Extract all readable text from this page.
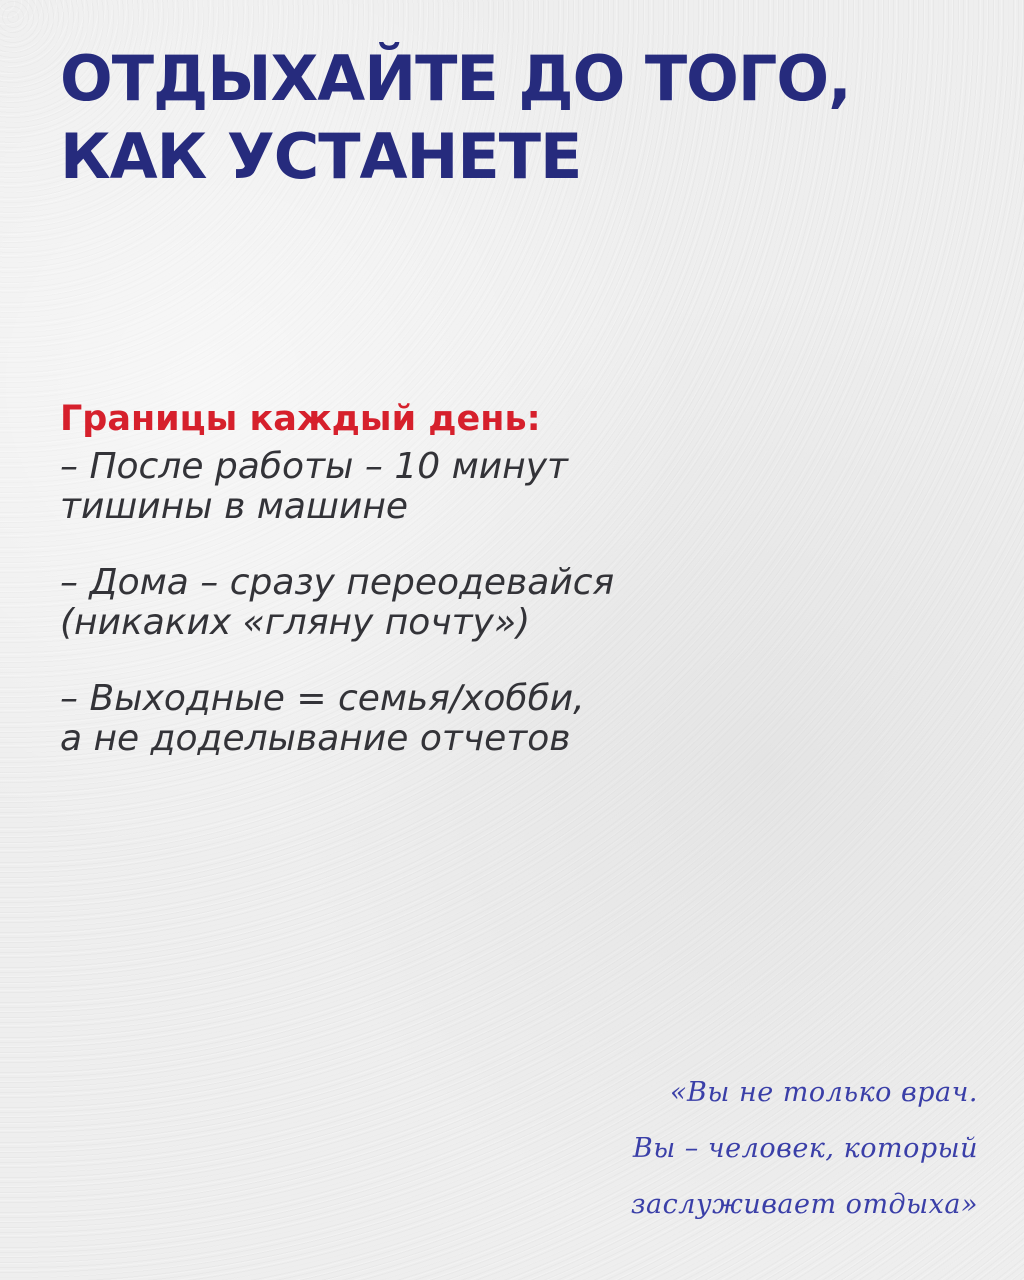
ОТДЫХАЙТЕ ДО ТОГО,
КАК УСТАНЕТЕ
Границы каждый день:

– После работы – 10 минут
тишины в машине

– Дома – сразу переодевайся
(никаких «гляну почту»)

– Выходные = семья/хобби,
а не доделывание отчетов

«Вы не только врач.
Вы – человек, который
заслуживает отдыха»
